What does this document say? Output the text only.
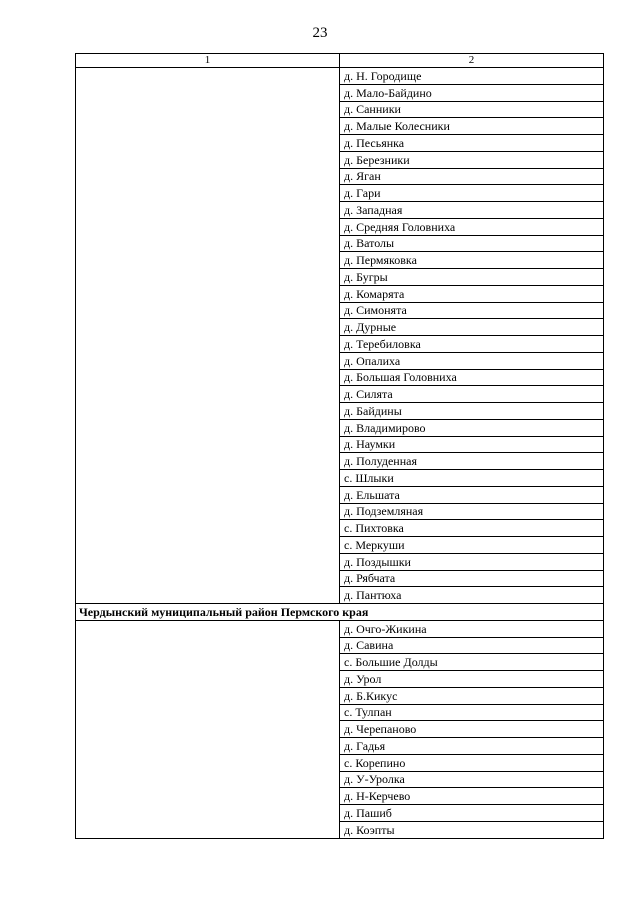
23
1	2
	д. Н. Городище
	д. Мало-Байдино
	д. Санники
	д. Малые Колесники
	д. Песьянка
	д. Березники
	д. Яган
	д. Гари
	д. Западная
	д. Средняя Головниха
	д. Ватолы
	д. Пермяковка
	д. Бугры
	д. Комарята
	д. Симонята
	д. Дурные
	д. Теребиловка
	д. Опалиха
	д. Большая Головниха
	д. Силята
	д. Байдины
	д. Владимирово
	д. Наумки
	д. Полуденная
	с. Шлыки
	д. Ельшата
	д. Подземляная
	с. Пихтовка
	с. Меркуши
	д. Поздышки
	д. Рябчата
	д. Пантюха
Чердынский муниципальный район Пермского края	
	д. Очго-Жикина
	д. Савина
	с. Большие Долды
	д. Урол
	д. Б.Кикус
	с. Тулпан
	д. Черепаново
	д. Гадья
	с. Корепино
	д. У-Уролка
	д. Н-Керчево
	д. Пашиб
	д. Коэпты
